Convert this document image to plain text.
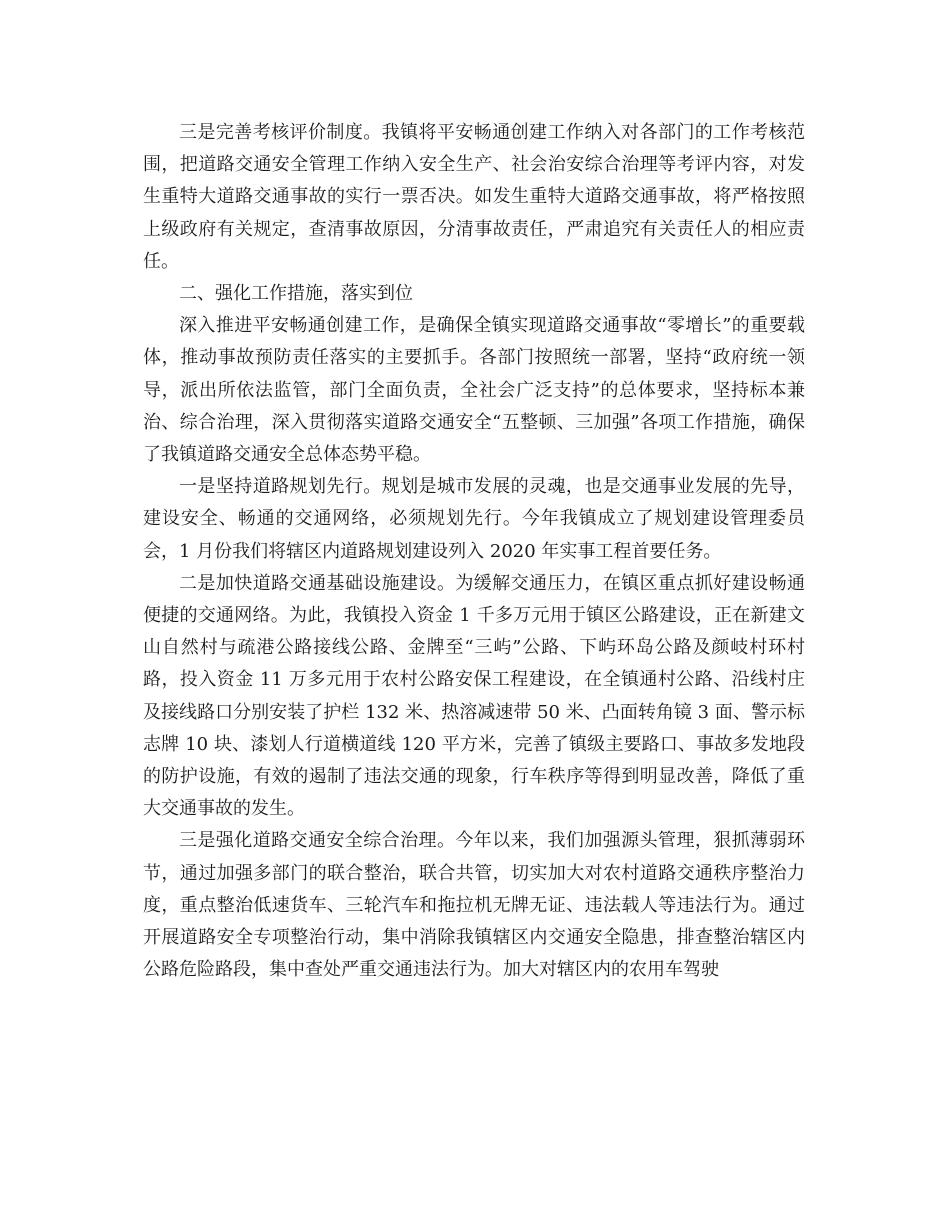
三是完善考核评价制度。我镇将平安畅通创建工作纳入对各部门的工作考核范围，把道路交通安全管理工作纳入安全生产、社会治安综合治理等考评内容，对发生重特大道路交通事故的实行一票否决。如发生重特大道路交通事故，将严格按照上级政府有关规定，查清事故原因，分清事故责任，严肃追究有关责任人的相应责任。

二、强化工作措施，落实到位

深入推进平安畅通创建工作，是确保全镇实现道路交通事故“零增长”的重要载体，推动事故预防责任落实的主要抓手。各部门按照统一部署，坚持“政府统一领导，派出所依法监管，部门全面负责，全社会广泛支持”的总体要求，坚持标本兼治、综合治理，深入贯彻落实道路交通安全“五整顿、三加强”各项工作措施，确保了我镇道路交通安全总体态势平稳。

一是坚持道路规划先行。规划是城市发展的灵魂，也是交通事业发展的先导，建设安全、畅通的交通网络，必须规划先行。今年我镇成立了规划建设管理委员会，1 月份我们将辖区内道路规划建设列入 2020 年实事工程首要任务。

二是加快道路交通基础设施建设。为缓解交通压力，在镇区重点抓好建设畅通便捷的交通网络。为此，我镇投入资金 1 千多万元用于镇区公路建设，正在新建文山自然村与疏港公路接线公路、金牌至“三屿”公路、下屿环岛公路及颜岐村环村路，投入资金 11 万多元用于农村公路安保工程建设，在全镇通村公路、沿线村庄及接线路口分别安装了护栏 132 米、热溶减速带 50 米、凸面转角镜 3 面、警示标志牌 10 块、漆划人行道横道线 120 平方米，完善了镇级主要路口、事故多发地段的防护设施，有效的遏制了违法交通的现象，行车秩序等得到明显改善，降低了重大交通事故的发生。

三是强化道路交通安全综合治理。今年以来，我们加强源头管理，狠抓薄弱环节，通过加强多部门的联合整治，联合共管，切实加大对农村道路交通秩序整治力度，重点整治低速货车、三轮汽车和拖拉机无牌无证、违法载人等违法行为。通过开展道路安全专项整治行动，集中消除我镇辖区内交通安全隐患，排查整治辖区内公路危险路段，集中查处严重交通违法行为。加大对辖区内的农用车驾驶
